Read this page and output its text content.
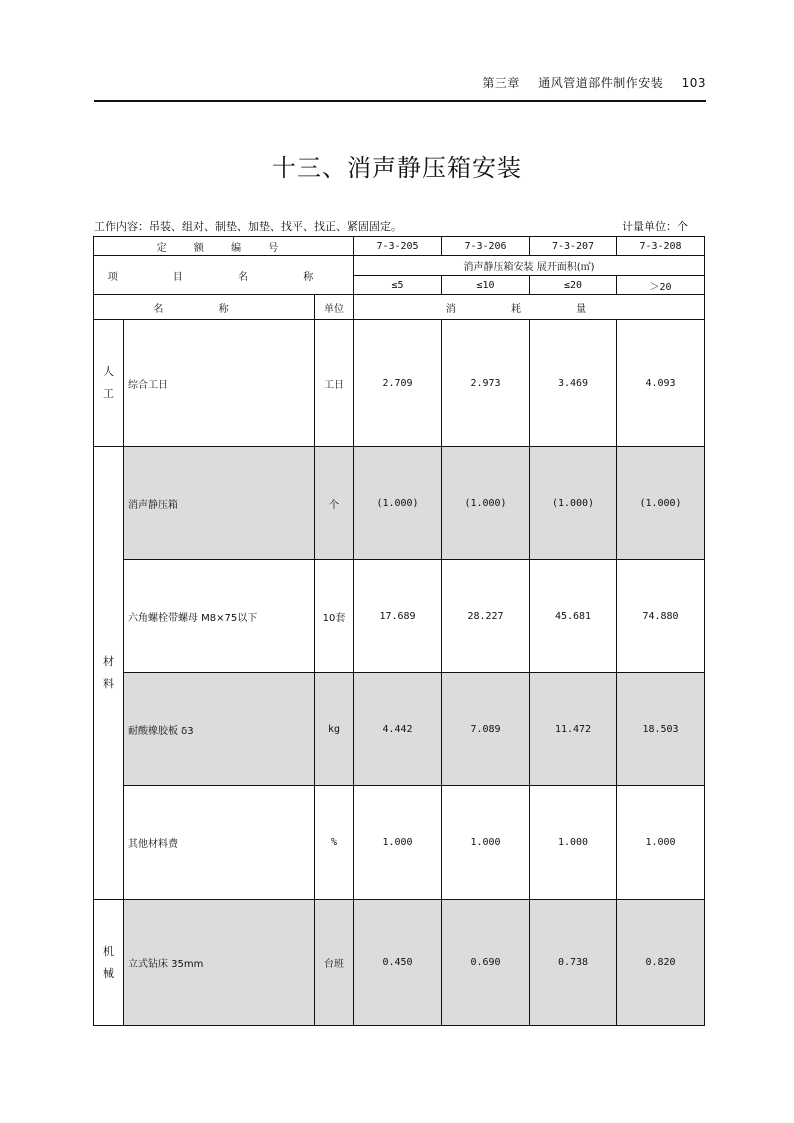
第三章 通风管道部件制作安装 103
十三、消声静压箱安装
工作内容：吊装、组对、制垫、加垫、找平、找正、紧固固定。	计量单位：个
定 额 编 号			7-3-205	7-3-206	7-3-207	7-3-208
项 目 名 称			消声静压箱安装 展开面积(㎡)			
			≤5	≤10	≤20	＞20
名 称		单位	消 耗 量			

人
工	综合工日	工日	2.709	2.973	3.469	4.093

材
料	消声静压箱	个	(1.000)	(1.000)	(1.000)	(1.000)
	六角螺栓带螺母 M8×75以下	10套	17.689	28.227	45.681	74.880
	耐酸橡胶板 δ3	kg	4.442	7.089	11.472	18.503
	其他材料费	%	1.000	1.000	1.000	1.000

机
械	立式钻床 35mm	台班	0.450	0.690	0.738	0.820
